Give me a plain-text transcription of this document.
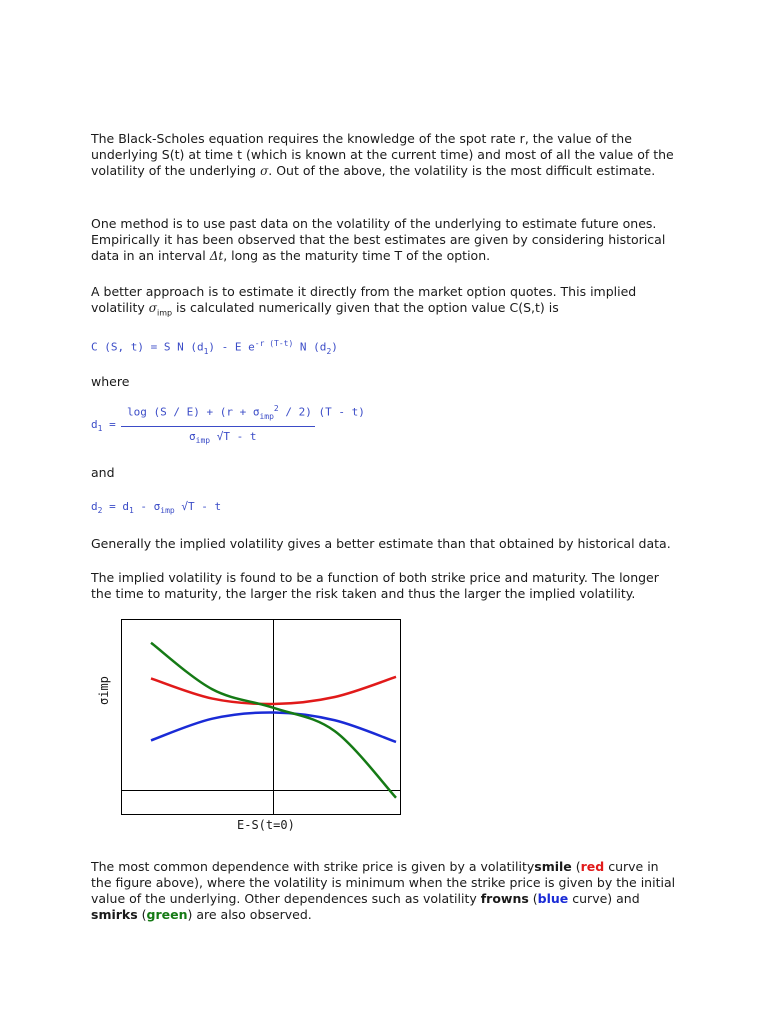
The Black-Scholes equation requires the knowledge of the spot rate r, the value of the underlying S(t) at time t (which is known at the current time) and most of all the value of the volatility of the underlying σ. Out of the above, the volatility is the most difficult estimate.

One method is to use past data on the volatility of the underlying to estimate future ones. Empirically it has been observed that the best estimates are given by considering historical data in an interval Δt, long as the maturity time T of the option.

A better approach is to estimate it directly from the market option quotes. This implied volatility $\sigma_{imp}$ is calculated numerically given that the option value C(S,t) is

C (S, t) = S N $(d_1)$ - E $e^{-r (T-t)}$ N $(d_2)$

where

$d_1$ =
$\log (S / E) + (r + \sigma_{imp}^2 / 2)$ (T - t)
$\sigma_{imp}$ √T - t

and

$d_2 = d_1 - \sigma_{imp}$ √T - t

Generally the implied volatility gives a better estimate than that obtained by historical data.

The implied volatility is found to be a function of both strike price and maturity. The longer the time to maturity, the larger the risk taken and thus the larger the implied volatility.

σimp
E-S(t=0)

The most common dependence with strike price is given by a volatilitysmile (red curve in the figure above), where the volatility is minimum when the strike price is given by the initial value of the underlying. Other dependences such as volatility frowns (blue curve) and smirks (green) are also observed.
